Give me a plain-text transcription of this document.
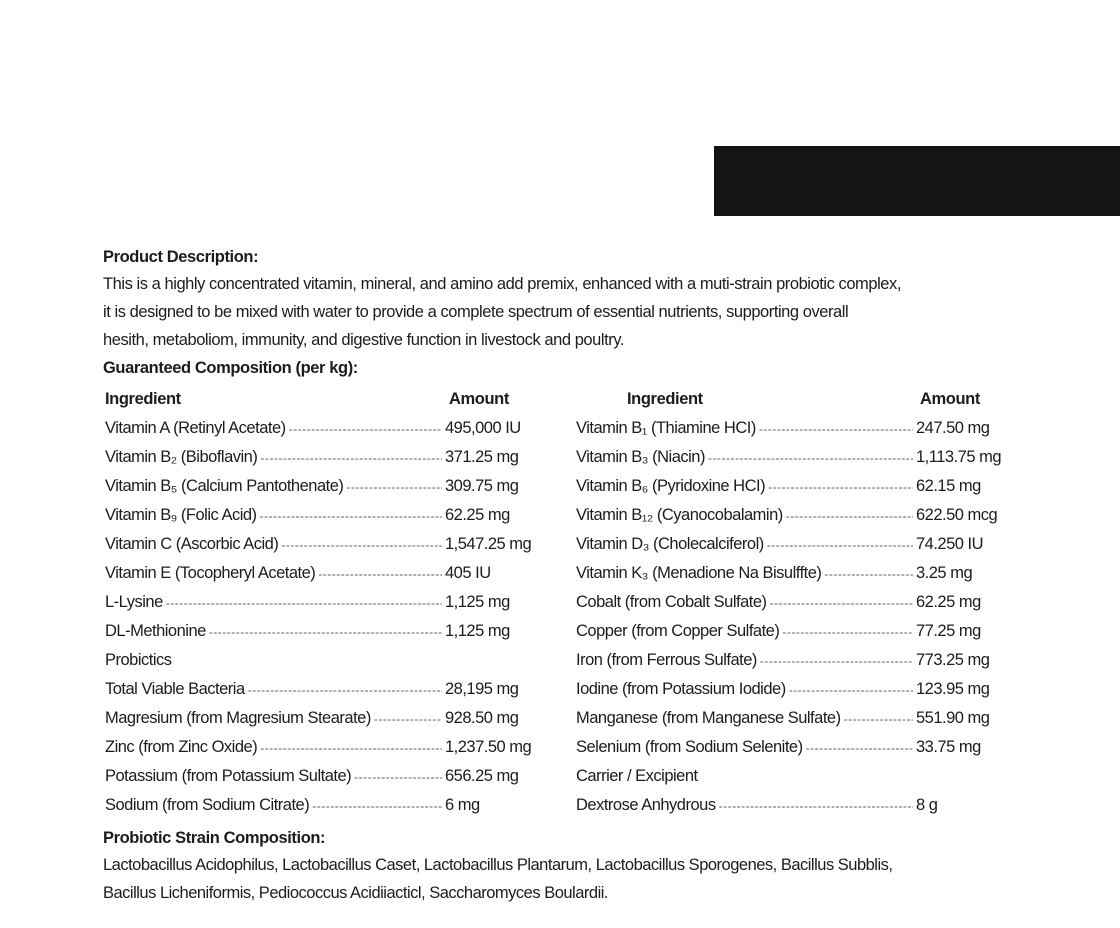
Product Description:
This is a highly concentrated vitamin, mineral, and amino add premix, enhanced with a muti-strain probiotic complex,
it is designed to be mixed with water to provide a complete spectrum of essential nutrients, supporting overall
hesith, metaboliom, immunity, and digestive function in livestock and poultry.
Guaranteed Composition (per kg):
Ingredient	Amount
Vitamin A (Retinyl Acetate) -----	495,000 IU
Vitamin B₂ (Biboflavin) -----	371.25 mg
Vitamin B₅ (Calcium Pantothenate) -----	309.75 mg
Vitamin B₉ (Folic Acid) -----	62.25 mg
Vitamin C (Ascorbic Acid) -----	1,547.25 mg
Vitamin E (Tocopheryl Acetate) -----	405 IU
L-Lysine -----	1,125 mg
DL-Methionine -----	1,125 mg
Probictics
Total Viable Bacteria -----	28,195 mg
Magresium (from Magresium Stearate) -----	928.50 mg
Zinc (from Zinc Oxide) -----	1,237.50 mg
Potassium (from Potassium Sultate) -----	656.25 mg
Sodium (from Sodium Citrate) -----	6 mg
Ingredient	Amount
Vitamin B₁ (Thiamine HCI) -----	247.50 mg
Vitamin B₃ (Niacin) -----	1,113.75 mg
Vitamin B₆ (Pyridoxine HCI) -----	62.15 mg
Vitamin B₁₂ (Cyanocobalamin) -----	622.50 mcg
Vitamin D₃ (Cholecalciferol) -----	74.250 IU
Vitamin K₃ (Menadione Na Bisulffte) -----	3.25 mg
Cobalt (from Cobalt Sulfate) -----	62.25 mg
Copper (from Copper Sulfate) -----	77.25 mg
Iron (from Ferrous Sulfate) -----	773.25 mg
Iodine (from Potassium Iodide) -----	123.95 mg
Manganese (from Manganese Sulfate) -----	551.90 mg
Selenium (from Sodium Selenite) -----	33.75 mg
Carrier / Excipient
Dextrose Anhydrous -----	8 g
Probiotic Strain Composition:
Lactobacillus Acidophilus, Lactobacillus Caset, Lactobacillus Plantarum, Lactobacillus Sporogenes, Bacillus Subblis,
Bacillus Licheniformis, Pediococcus Acidiiacticl, Saccharomyces Boulardii.
